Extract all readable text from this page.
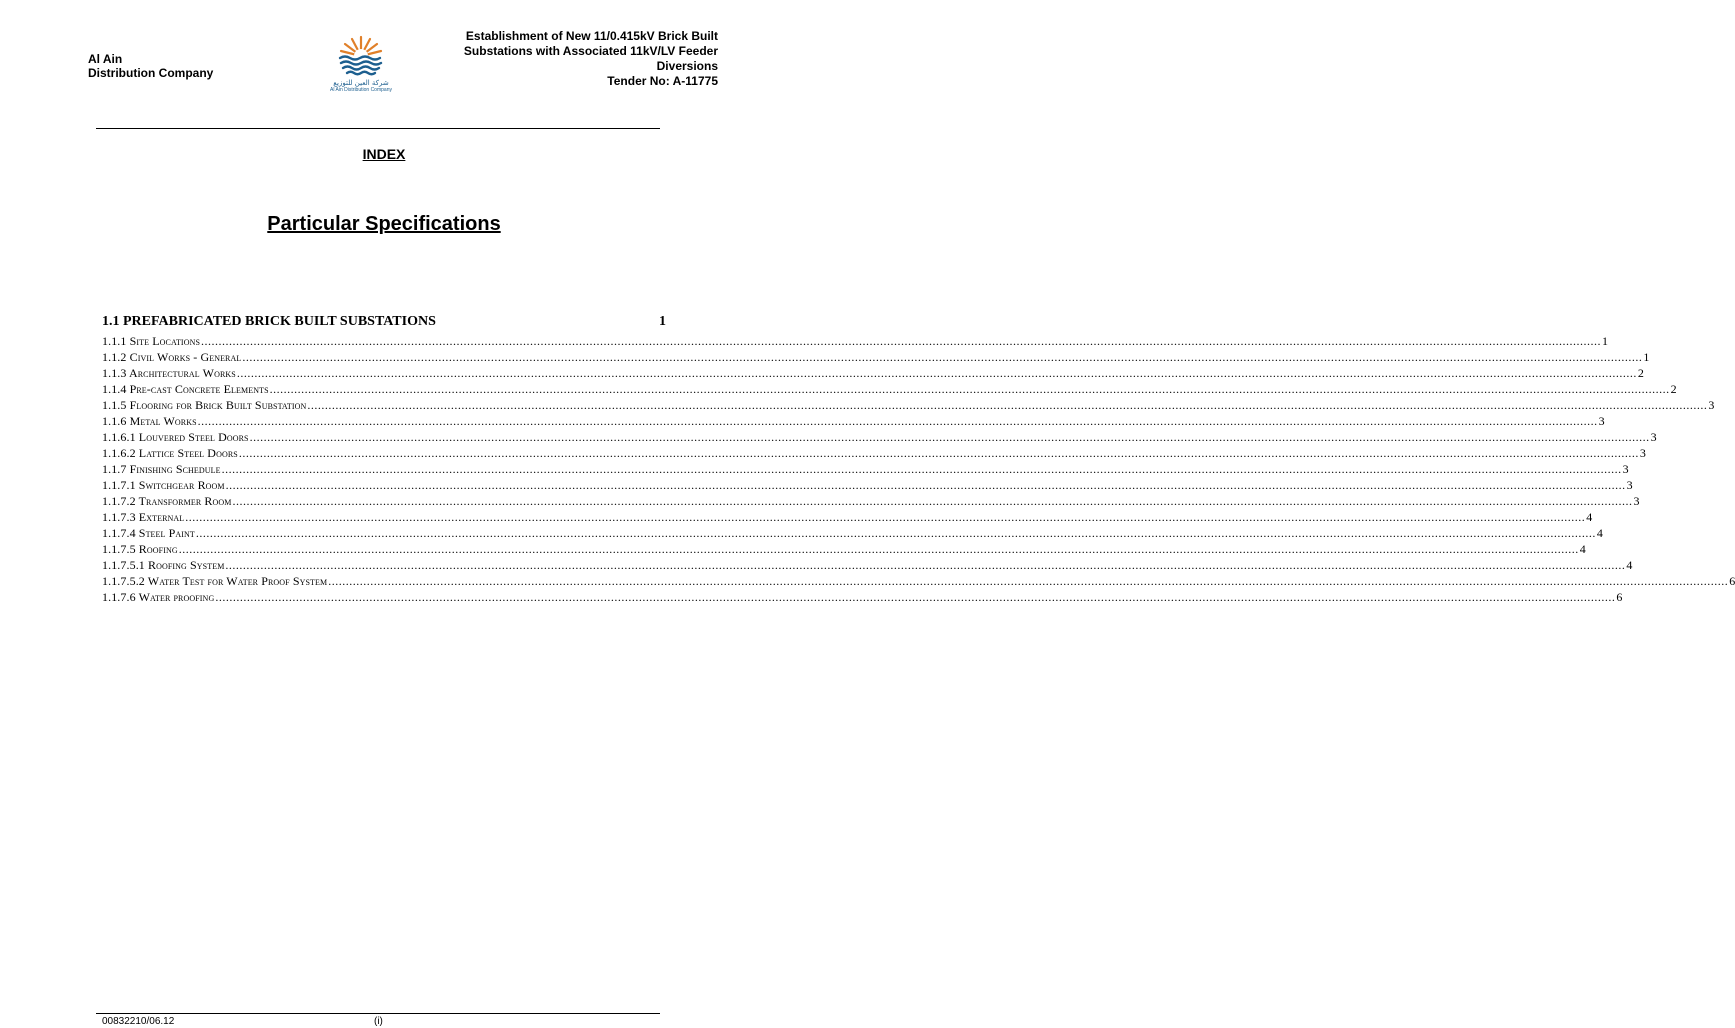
Al Ain
Distribution Company
شركة العين للتوزيع
Al Ain Distribution Company
Establishment of New 11/0.415kV Brick Built
Substations with Associated 11kV/LV Feeder
Diversions
Tender No: A-11775
INDEX
Particular Specifications
1.1 PREFABRICATED BRICK BUILT SUBSTATIONS	1
1.1.1 Site Locations ................................................................................................................................................................................................................................................................................................................................................................................................................ 1
1.1.2 Civil Works - General ................................................................................................................................................................................................................................................................................................................................................................................................................ 1
1.1.3 Architectural Works ................................................................................................................................................................................................................................................................................................................................................................................................................ 2
1.1.4 Pre-cast Concrete Elements ................................................................................................................................................................................................................................................................................................................................................................................................................ 2
1.1.5 Flooring for Brick Built Substation ................................................................................................................................................................................................................................................................................................................................................................................................................ 3
1.1.6 Metal Works ................................................................................................................................................................................................................................................................................................................................................................................................................ 3
1.1.6.1 Louvered Steel Doors ................................................................................................................................................................................................................................................................................................................................................................................................................ 3
1.1.6.2 Lattice Steel Doors ................................................................................................................................................................................................................................................................................................................................................................................................................ 3
1.1.7 Finishing Schedule ................................................................................................................................................................................................................................................................................................................................................................................................................ 3
1.1.7.1 Switchgear Room ................................................................................................................................................................................................................................................................................................................................................................................................................ 3
1.1.7.2 Transformer Room ................................................................................................................................................................................................................................................................................................................................................................................................................ 3
1.1.7.3 External ................................................................................................................................................................................................................................................................................................................................................................................................................ 4
1.1.7.4 Steel Paint ................................................................................................................................................................................................................................................................................................................................................................................................................ 4
1.1.7.5 Roofing ................................................................................................................................................................................................................................................................................................................................................................................................................ 4
1.1.7.5.1 Roofing System ................................................................................................................................................................................................................................................................................................................................................................................................................ 4
1.1.7.5.2 Water Test for Water Proof System ................................................................................................................................................................................................................................................................................................................................................................................................................ 6
1.1.7.6 Water proofing ................................................................................................................................................................................................................................................................................................................................................................................................................ 6
00832210/06.12	(i)
